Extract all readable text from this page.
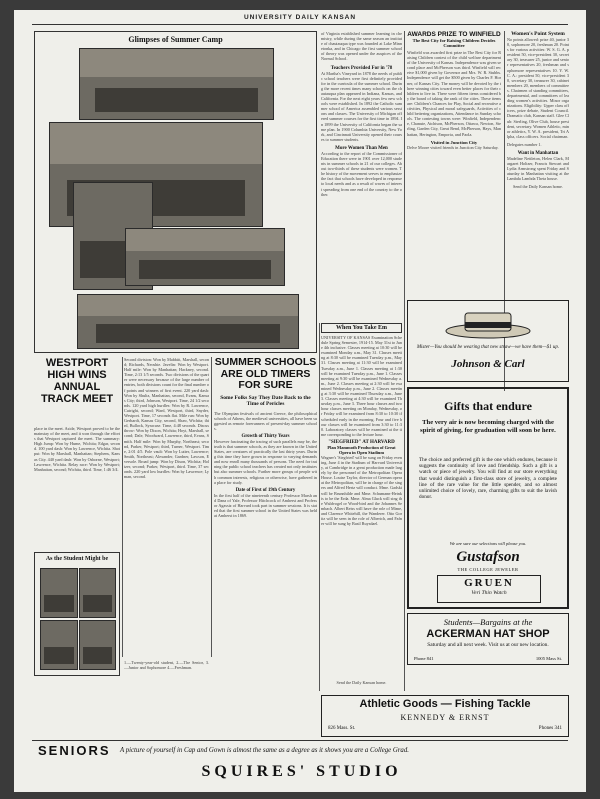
UNIVERSITY DAILY KANSAN
Glimpses of Summer Camp

of Virginia established summer learning in chemistry, while during the same season an institute of chautauqua type was founded at Lake Minnetonka, and in Chicago the first summer school of theory was opened under the auspices of the Normal School.

Teachers Provided For in '78

At Martha's Vineyard in 1878 the needs of public school teachers were first definitely provided for in the curricula of the summer school. During the more recent times many schools on the chautauqua plan appeared in Indiana, Kansas, and California. For the next eight years few new schools were established. In 1892 the Catholic summer school of America assembled various sessions and classes. The University of Michigan offered summer courses for the first time in 1894. In 1899 the University of California began the same plan. In 1900 Columbia University, New York, and Cincinnati University opened their courses to summer students.

More Women Than Men

According to the report of the Commissioner of Education there were in 1901 over 12,000 students in summer schools in 21 of our colleges. About two-thirds of these students were women. The history of the movement serves to emphasize the fact that schools have developed in response to local needs and as a result of waves of interest spreading from one end of the country to the other.

AWARDS PRIZE TO WINFIELD

The Best City for Raising Children Decides Committee

Winfield was awarded first prize in The Best City for Raising Children contest of the child welfare department of the University of Kansas. Independence was given second place and McPherson was third. Winfield will receive $1,000 given by Governor and Mrs. W. R. Stubbs. Independence will get the $500 given by Charles F. Horner, of Kansas City. The money will be devoted by the three winning cities toward even better places for their children to live in. There were fifteen items considered by the board of taking the rank of the cities. These items are: Children's Chances for Play, Social and recreative activities, Physical and moral safeguards, Activities of child bettering organizations, Attendance in Sunday schools. The contesting towns were: Winfield, Independence, Chanute, Atchison, McPherson, Ottawa, Newton, Sterling, Garden City, Great Bend, McPherson, Hays, Manhattan, Herington, Emporia, and Paola.

Visited in Junction City

Delve Moore visited friends in Junction City Saturday.

Women's Point System

No points allowed: prize 40, junior 30, sophomore 20, freshman 20. Points for various activities: W. S. G. A. president 50, vice-president 30, secretary 30, treasurer 25, junior and senior representatives 20, freshman and sophomore representatives 10. Y. W. C. A.: president 50, vice-president 30, secretary 30, treasurer 30, cabinet members 20, members of committees. Chairmen of standing committees, departmental, and committees of leading women's activities. Minor organizations. Eligibility: Upper class officers, prize debate, Student Council. Dramatic club, Kansan staff. Glee Club: Sterling, Olive Club, house president, secretary. Women Athletic, minor athletics, Y. W. A. president, Tri Alpha, class officers. Social chairman.

Delegates number 1.

Want in Manhattan

Madeline Nettleton, Helen Clark, Margaret Holtzer, Francis Stewart and Lydia Armstrong spent Friday and Saturday in Manhattan visiting at the Lambda Lambda Theta house.

Send the Daily Kansan home.

Mister—You should be wearing that new straw—we have them—$1 up.
Johnson & Carl

WESTPORT HIGH WINS ANNUAL TRACK MEET

Second division: Won by Mabbitt, Marshall, second; Richards, Neoshie. Javelin: Won by Westport. Half mile: Won by Manhattan; Hackney, second. Time, 2:13 1/5 seconds. Two divisions of the quarter were necessary because of the large number of entries, both divisions count for the final number of points and winners of first event. 220 yard dash: Won by Shultz, Manhattan, second, Evans, Kansas City; third, Johnson, Westport. Time, 24 1/2 seconds. 120 yard high hurdles: Won by R. Lawrence, Cutright, second; Ward, Westport, third, Snyder, Westport. Time, 17 seconds flat. Mile run: Won by Gerhardt, Kansas City, second, Shaw, Wichita; third, Bullock, Syracuse. Time, 4:48 seconds. Discus throw: Won by Dixon, Wichita; Hoyt, Marshall, second; Dale, Woodward, Lawrence, third, Evans, Smith. Half mile: Won by Murphy, Northeast; second, Parker, Westport; third, Turner, Westport. Time, 2:01 4/5. Pole vault: Won by Lutter, Lawrence; Smith, Northeast; Alexander, Gardner, Lawson, Eversole. Broad jump: Won by Dixon, Wichita; Holtzer, second; Parker, Westport, third. Time, 37 seconds. 220 yard low hurdles: Won by Lawrence; Lyman, second.

SUMMER SCHOOLS ARE OLD TIMERS FOR SURE

Some Folks Say They Date Back to the Time of Pericles

The Olympian festivals of ancient Greece, the philosophical schools of Athens, the medieval universities, all have been suggested as remote forerunners of present-day summer schools.

Growth of Thirty Years

However fascinating the tracing of such parallels may be, the truth is that summer schools, as they are known in the United States, are creatures of practically the last thirty years. During this time they have grown in response to varying demands and now enroll many thousands of persons. The need for training the public school teachers has created not only institutes but also summer schools. Further more groups of people with common interests, religious or otherwise, have gathered in a place for study.

Date of First of 19th Century

In the first half of the nineteenth century Professor Marsh and Dana of Yale, Professor Hitchcock of Amherst and Professor Agassiz of Harvard took part in summer sessions. It is stated that the first summer school in the United States was held at Amherst in 1869.

place in the meet. Aside, Westport proved to be the mainstay of the meet, and it won through the efforts that Westport captured the meet. The summary: High Jump: Won by Hume, Wichita; Edgar, second. 100 yard dash: Won by Lawrence, Wichita. Shot put: Won by Marshall, Manhattan; Stephens, Kansas City. 440 yard dash: Won by Osborne, Westport; Lawrence, Wichita. Relay race: Won by Westport; Manhattan, second; Wichita, third. Time, 1:46 3/4.

As the Student Might be

1.—Twenty-year-old student, 2.—The Senior, 3.—Junior and Sophomore 4.—Freshman.

When You Take Em

UNIVERSITY OF KANSAS Examination Schedule Spring Semester, 1914-15. May 31st to June 4th inclusive. Classes meeting at 10:30 will be examined Monday a.m., May 31. Classes meeting at 8:30 will be examined Tuesday p.m., May 31. Classes meeting at 11:30 will be examined Tuesday a.m., June 1. Classes meeting at 1:30 will be examined Tuesday p.m., June 1. Classes meeting at 9:30 will be examined Wednesday a.m., June 2. Classes meeting at 2:30 will be examined Wednesday p.m., June 2. Classes meeting at 3:30 will be examined Thursday a.m., June 3. Classes meeting at 4:30 will be examined Thursday p.m., June 3. Three hour classes and two hour classes meeting on Monday, Wednesday, or Friday will be examined from 8:30 to 10:30 if scheduled early in the morning. Four and five hour classes will be examined from 3:30 to 11:30. Laboratory classes will be examined at the time corresponding to the lecture hour.

"SIEGFRIED" AT HARVARD

Plan Mammoth Production of Great Opera in Open Stadium

Wagner's 'Siegfried' will be sung on Friday evening, June 4 in the Stadium of Harvard University, at Cambridge in a great production made largely by the personnel of the Metropolitan Opera House. Louise Taylor, director of German opera at the Metropolitan, will be in charge of the singers and Alfred Hertz will conduct. Mme. Gadski will be Brunnhilde and Mme. Schumann-Heink is to be the Erda. Mme. Alma Gluck will sing the Waldvogel or Wood-bird and the Johannes Sembach. Albert Reiss will have the role of Mime, and Clarence Whitehill, the Wanderer. Otto Goritz will be seen in the role of Alberich, and Fafner will be sung by Basil Ruysdael.

Send the Daily Kansan home.

Gifts that endure
The very air is now becoming charged with the spirit of giving, for graduation will soon be here.
The choice and preferred gift is the one which endures, because it suggests the continuity of love and friendship. Such a gift is a watch or piece of jewelry. You will find at our store everything that would distinguish a first-class store of jewelry, a complete line of the rare value for the little spender, and so almost unlimited choice of lovely, rare, charming gifts to suit the lavish donor.
We are sure our selections will please you.
Gustafson
THE COLLEGE JEWELER
GRUEN
Veri Thin Watch
Students—Bargains at the
ACKERMAN HAT SHOP
Saturday and all next week. Visit us at our new location.
Phone 841	1005 Mass St.
Athletic Goods — Fishing Tackle
KENNEDY & ERNST
826 Mass. St.	Phones 341
SENIORS A picture of yourself in Cap and Gown is almost the same as a degree as it shows you are a College Grad.
SQUIRES' STUDIO
